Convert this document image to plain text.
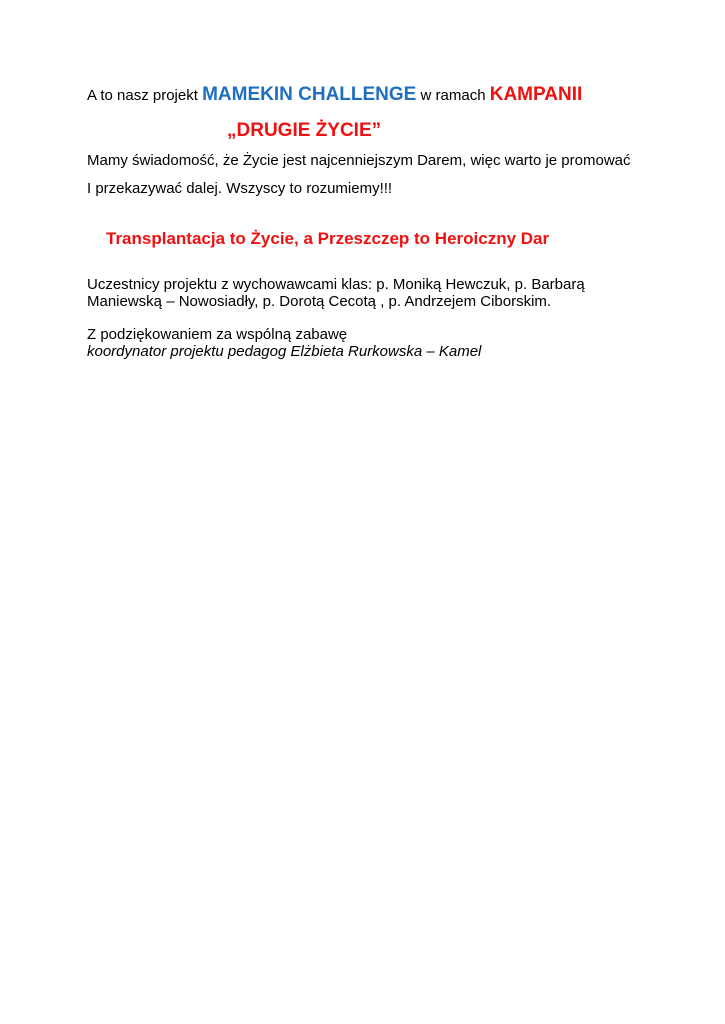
A to nasz projekt MAMEKIN CHALLENGE w ramach KAMPANII
„DRUGIE ŻYCIE”
Mamy świadomość, że Życie jest najcenniejszym Darem, więc warto je promować
I przekazywać dalej. Wszyscy to rozumiemy!!!
Transplantacja to Życie, a Przeszczep to Heroiczny Dar
Uczestnicy projektu z wychowawcami klas: p. Moniką Hewczuk, p. Barbarą
Maniewską – Nowosiadły, p. Dorotą Cecotą , p. Andrzejem Ciborskim.
Z podziękowaniem za wspólną zabawę
koordynator projektu pedagog Elżbieta Rurkowska – Kamel
